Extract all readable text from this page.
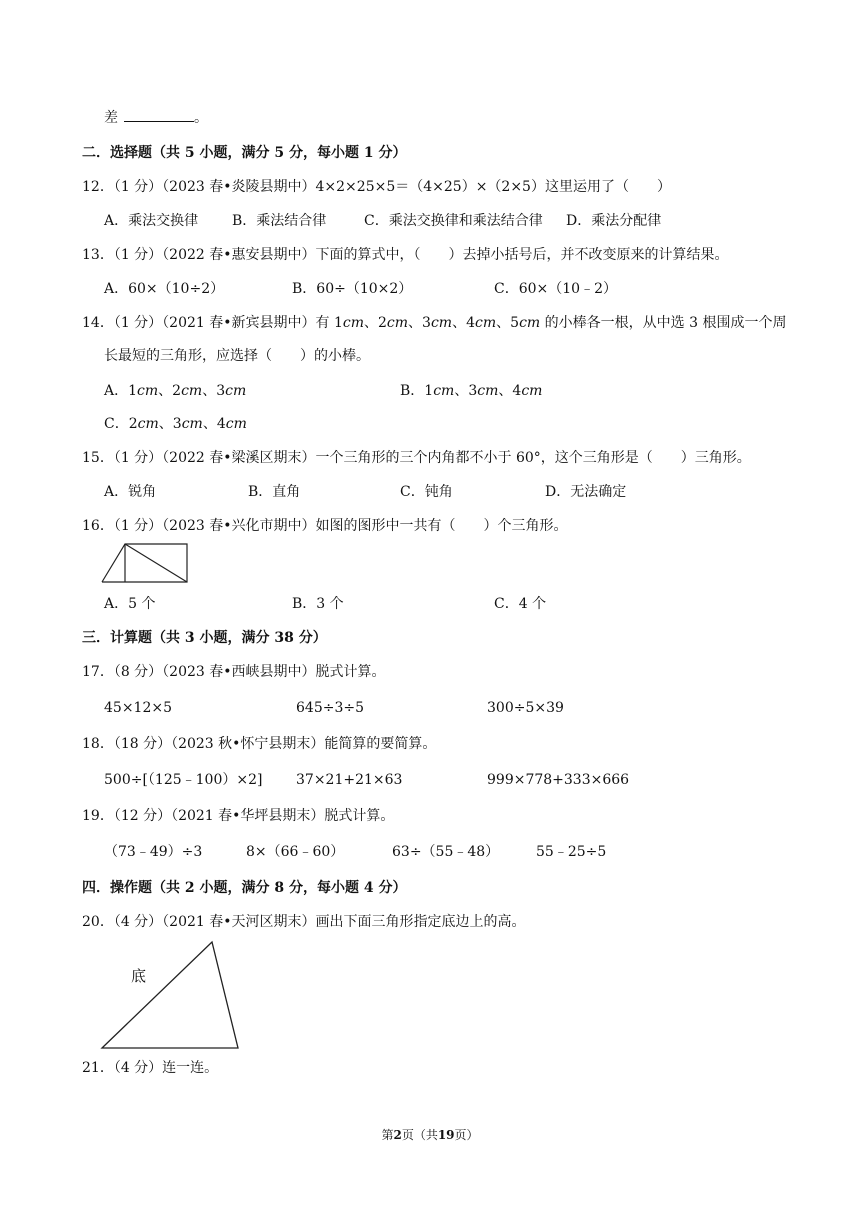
差	。
二．选择题（共 5 小题，满分 5 分，每小题 1 分）
12．（1 分）（2023 春•炎陵县期中）4×2×25×5＝（4×25）×（2×5）这里运用了（　　）
A．乘法交换律 B．乘法结合律	C．乘法交换律和乘法结合律 D．乘法分配律
13．（1 分）（2022 春•惠安县期中）下面的算式中，（　　）去掉小括号后，并不改变原来的计算结果。
A．60×（10÷2）	B．60÷（10×2）	C．60×（10﹣2）
14．（1 分）（2021 春•新宾县期中）有 1cm、2cm、3cm、4cm、5cm 的小棒各一根，从中选 3 根围成一个周
长最短的三角形，应选择（　　）的小棒。
A．1cm、2cm、3cm	B．1cm、3cm、4cm
C．2cm、3cm、4cm
15．（1 分）（2022 春•梁溪区期末）一个三角形的三个内角都不小于 60°，这个三角形是（　　）三角形。
A．锐角	B．直角	C．钝角	D．无法确定
16．（1 分）（2023 春•兴化市期中）如图的图形中一共有（　　）个三角形。
A．5 个	B．3 个	C．4 个
三．计算题（共 3 小题，满分 38 分）
17．（8 分）（2023 春•西峡县期中）脱式计算。
45×12×5	645÷3÷5	300÷5×39
18．（18 分）（2023 秋•怀宁县期末）能简算的要简算。
500÷[（125﹣100）×2] 37×21+21×63	999×778+333×666
19．（12 分）（2021 春•华坪县期末）脱式计算。
（73﹣49）÷3	8×（66﹣60）	63÷（55﹣48）	55﹣25÷5
四．操作题（共 2 小题，满分 8 分，每小题 4 分）
20．（4 分）（2021 春•天河区期末）画出下面三角形指定底边上的高。
底
21．（4 分）连一连。
第2页（共19页）
